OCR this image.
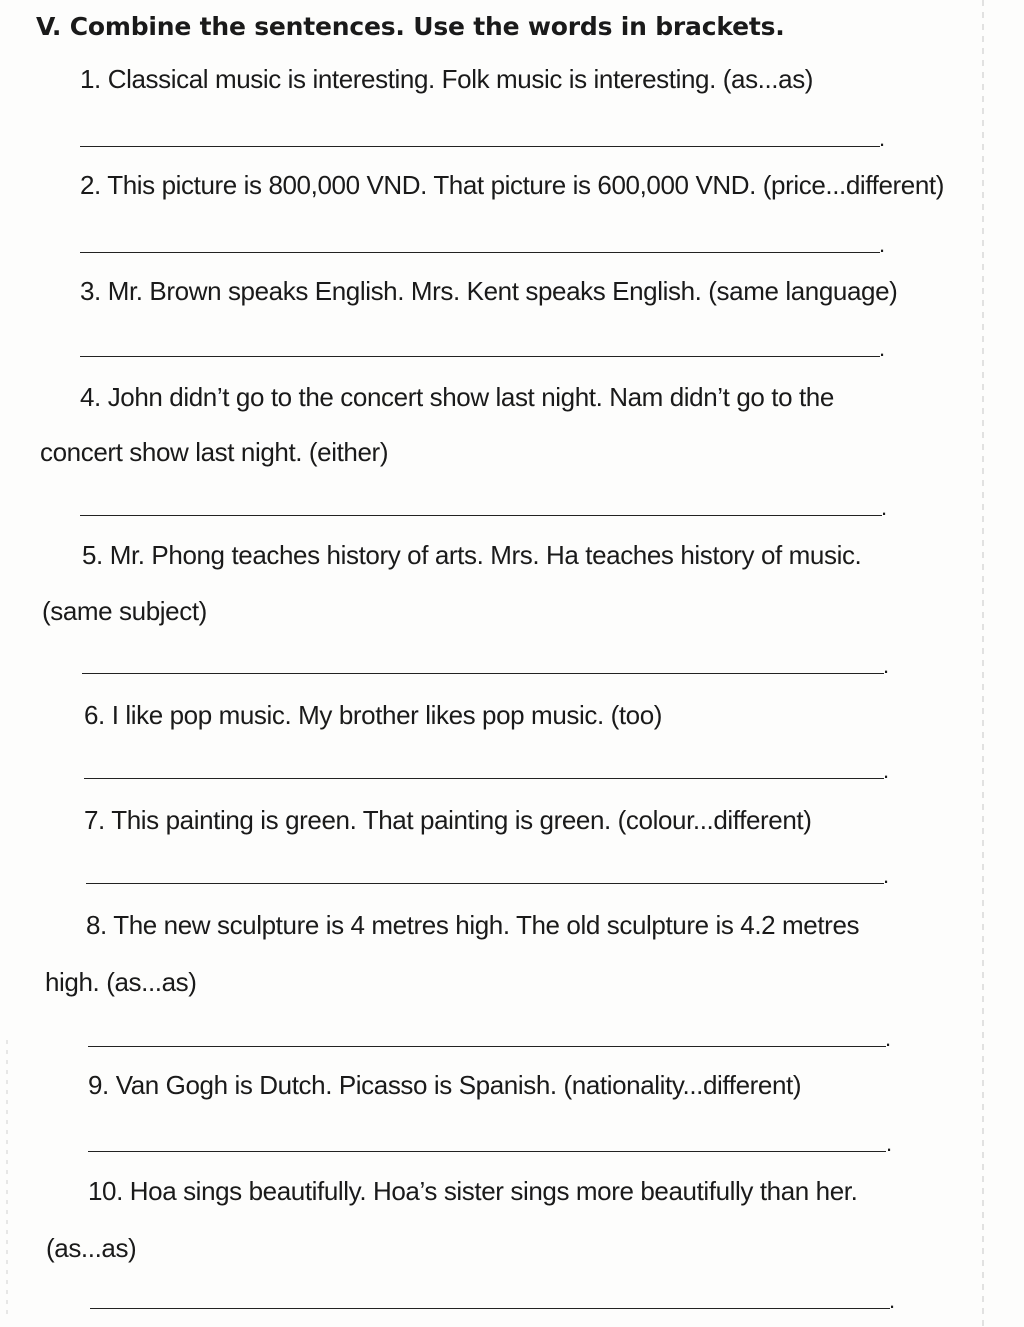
V. Combine the sentences. Use the words in brackets.
1. Classical music is interesting. Folk music is interesting. (as...as)
.
2. This picture is 800,000 VND. That picture is 600,000 VND. (price...different)
.
3. Mr. Brown speaks English. Mrs. Kent speaks English. (same language)
.
4. John didn’t go to the concert show last night. Nam didn’t go to the
concert show last night. (either)
.
5. Mr. Phong teaches history of arts. Mrs. Ha teaches history of music.
(same subject)
.
6. I like pop music. My brother likes pop music. (too)
.
7. This painting is green. That painting is green. (colour...different)
.
8. The new sculpture is 4 metres high. The old sculpture is 4.2 metres
high. (as...as)
.
9. Van Gogh is Dutch. Picasso is Spanish. (nationality...different)
.
10. Hoa sings beautifully. Hoa’s sister sings more beautifully than her.
(as...as)
.
